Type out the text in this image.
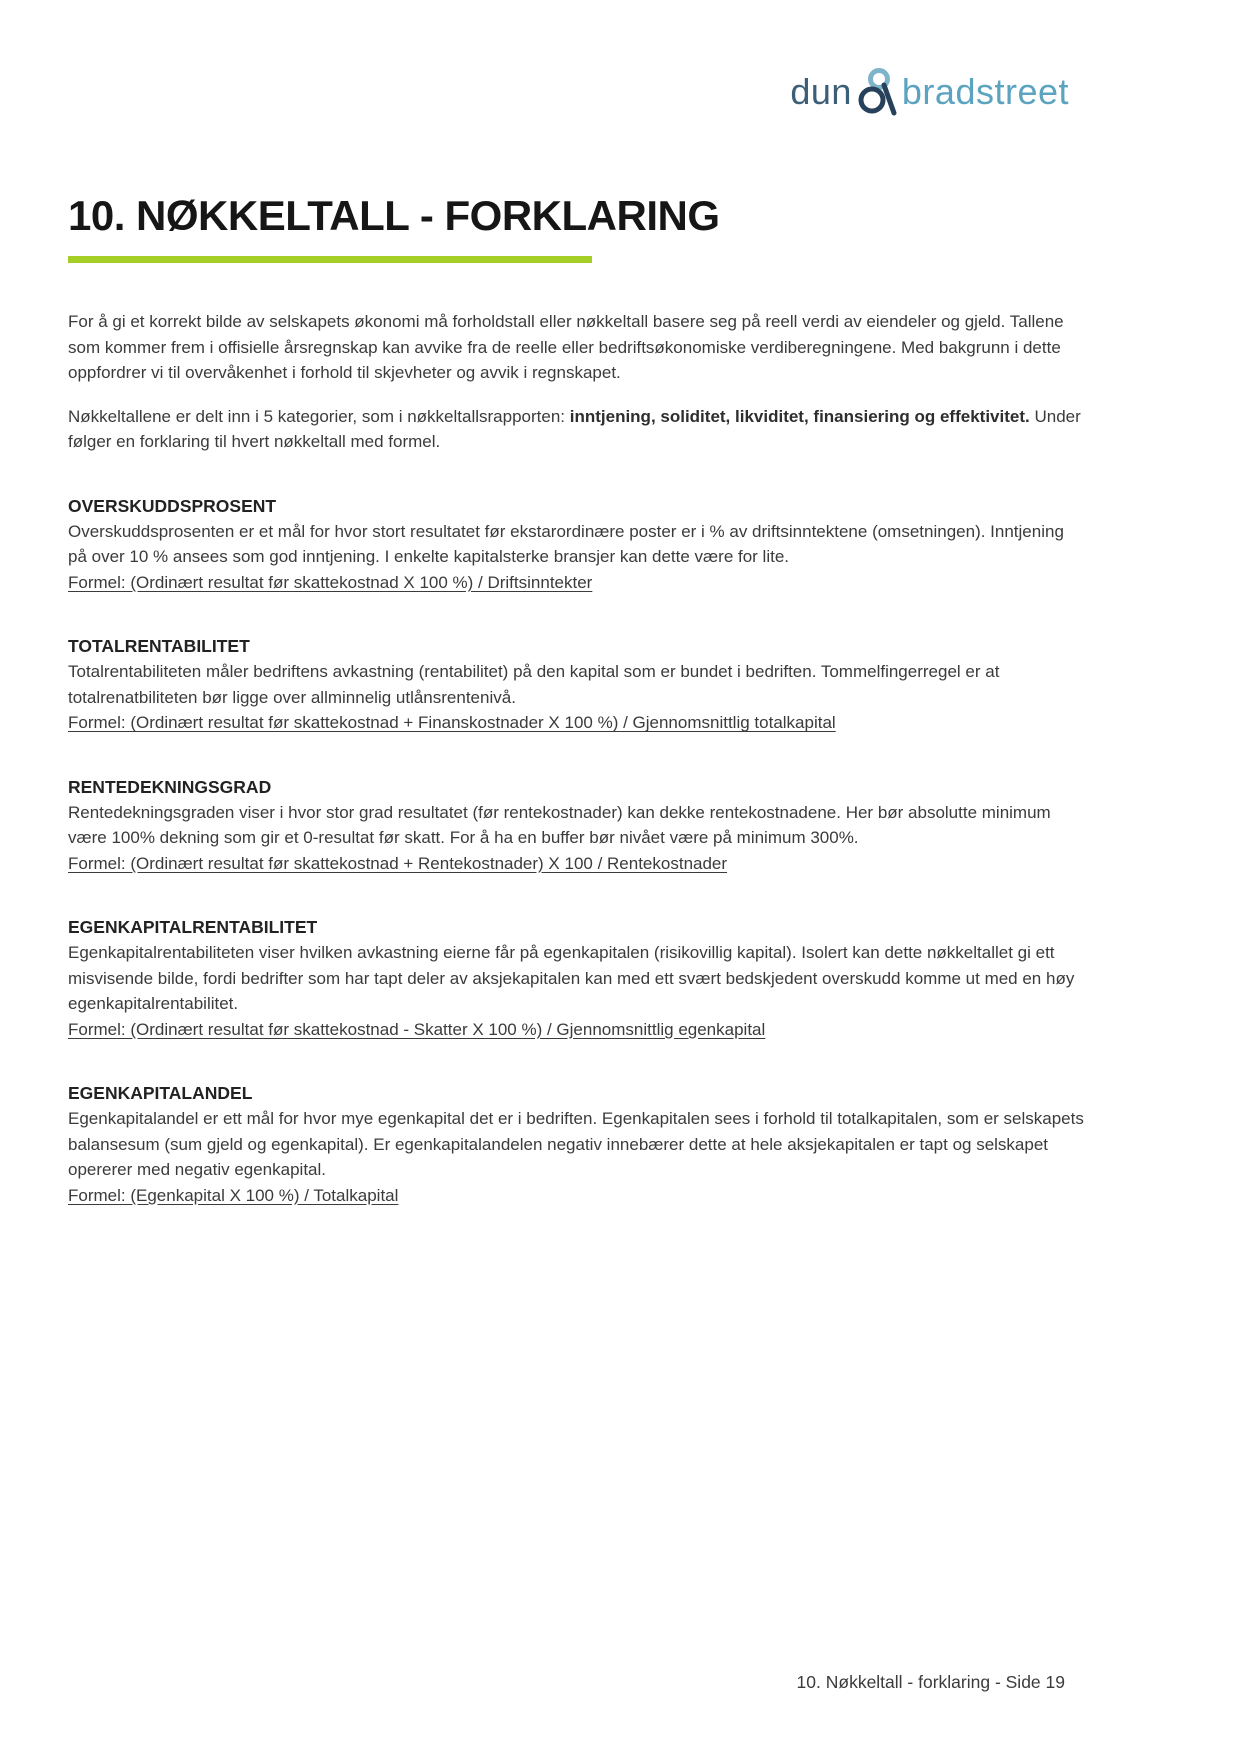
dun bradstreet
10. NØKKELTALL - FORKLARING

For å gi et korrekt bilde av selskapets økonomi må forholdstall eller nøkkeltall basere seg på reell verdi av eiendeler og gjeld. Tallene som kommer frem i offisielle årsregnskap kan avvike fra de reelle eller bedriftsøkonomiske verdiberegningene. Med bakgrunn i dette oppfordrer vi til overvåkenhet i forhold til skjevheter og avvik i regnskapet.

Nøkkeltallene er delt inn i 5 kategorier, som i nøkkeltallsrapporten: inntjening, soliditet, likviditet, finansiering og effektivitet. Under følger en forklaring til hvert nøkkeltall med formel.

OVERSKUDDSPROSENT

Overskuddsprosenten er et mål for hvor stort resultatet før ekstarordinære poster er i % av driftsinntektene (omsetningen). Inntjening på over 10 % ansees som god inntjening. I enkelte kapitalsterke bransjer kan dette være for lite.

Formel: (Ordinært resultat før skattekostnad X 100 %) / Driftsinntekter

TOTALRENTABILITET

Totalrentabiliteten måler bedriftens avkastning (rentabilitet) på den kapital som er bundet i bedriften. Tommelfingerregel er at totalrenatbiliteten bør ligge over allminnelig utlånsrentenivå.

Formel: (Ordinært resultat før skattekostnad + Finanskostnader X 100 %) / Gjennomsnittlig totalkapital

RENTEDEKNINGSGRAD

Rentedekningsgraden viser i hvor stor grad resultatet (før rentekostnader) kan dekke rentekostnadene. Her bør absolutte minimum være 100% dekning som gir et 0-resultat før skatt. For å ha en buffer bør nivået være på minimum 300%.

Formel: (Ordinært resultat før skattekostnad + Rentekostnader) X 100 / Rentekostnader

EGENKAPITALRENTABILITET

Egenkapitalrentabiliteten viser hvilken avkastning eierne får på egenkapitalen (risikovillig kapital). Isolert kan dette nøkkeltallet gi ett misvisende bilde, fordi bedrifter som har tapt deler av aksjekapitalen kan med ett svært bedskjedent overskudd komme ut med en høy egenkapitalrentabilitet.

Formel: (Ordinært resultat før skattekostnad - Skatter X 100 %) / Gjennomsnittlig egenkapital

EGENKAPITALANDEL

Egenkapitalandel er ett mål for hvor mye egenkapital det er i bedriften. Egenkapitalen sees i forhold til totalkapitalen, som er selskapets balansesum (sum gjeld og egenkapital). Er egenkapitalandelen negativ innebærer dette at hele aksjekapitalen er tapt og selskapet opererer med negativ egenkapital.

Formel: (Egenkapital X 100 %) / Totalkapital

10. Nøkkeltall - forklaring - Side 19
